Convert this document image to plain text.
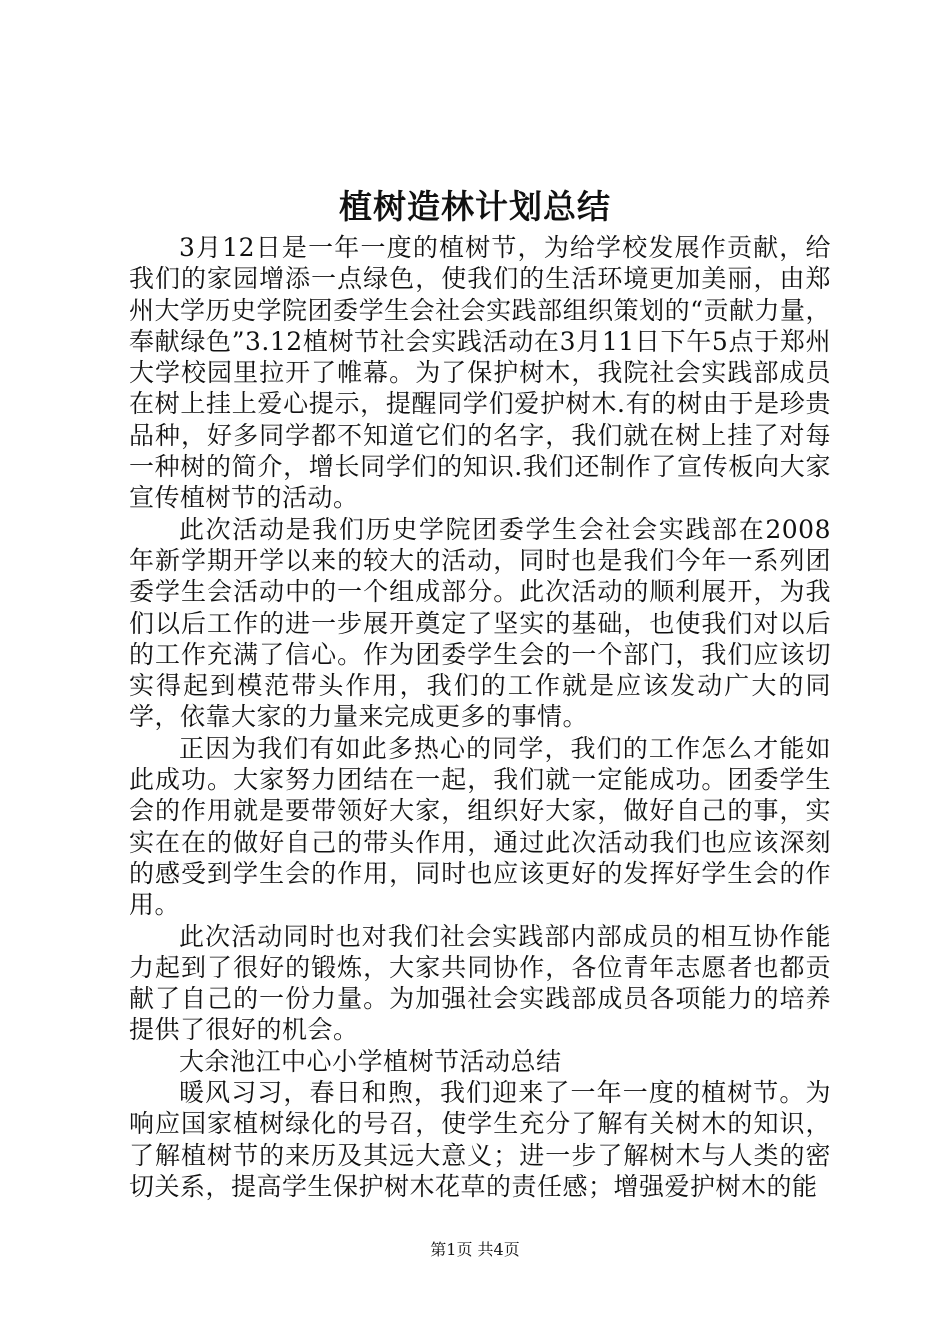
植树造林计划总结

3月12日是一年一度的植树节，为给学校发展作贡献，给我们的家园增添一点绿色，使我们的生活环境更加美丽，由郑州大学历史学院团委学生会社会实践部组织策划的“贡献力量，奉献绿色”3.12植树节社会实践活动在3月11日下午5点于郑州大学校园里拉开了帷幕。为了保护树木，我院社会实践部成员在树上挂上爱心提示，提醒同学们爱护树木.有的树由于是珍贵品种，好多同学都不知道它们的名字，我们就在树上挂了对每一种树的简介，增长同学们的知识.我们还制作了宣传板向大家宣传植树节的活动。

此次活动是我们历史学院团委学生会社会实践部在2008年新学期开学以来的较大的活动，同时也是我们今年一系列团委学生会活动中的一个组成部分。此次活动的顺利展开，为我们以后工作的进一步展开奠定了坚实的基础，也使我们对以后的工作充满了信心。作为团委学生会的一个部门，我们应该切实得起到模范带头作用，我们的工作就是应该发动广大的同学，依靠大家的力量来完成更多的事情。

正因为我们有如此多热心的同学，我们的工作怎么才能如此成功。大家努力团结在一起，我们就一定能成功。团委学生会的作用就是要带领好大家，组织好大家，做好自己的事，实实在在的做好自己的带头作用，通过此次活动我们也应该深刻的感受到学生会的作用，同时也应该更好的发挥好学生会的作用。

此次活动同时也对我们社会实践部内部成员的相互协作能力起到了很好的锻炼，大家共同协作，各位青年志愿者也都贡献了自己的一份力量。为加强社会实践部成员各项能力的培养提供了很好的机会。

大余池江中心小学植树节活动总结

暖风习习，春日和煦，我们迎来了一年一度的植树节。为响应国家植树绿化的号召，使学生充分了解有关树木的知识，了解植树节的来历及其远大意义；进一步了解树木与人类的密切关系，提高学生保护树木花草的责任感；增强爱护树木的能

第1页 共4页
